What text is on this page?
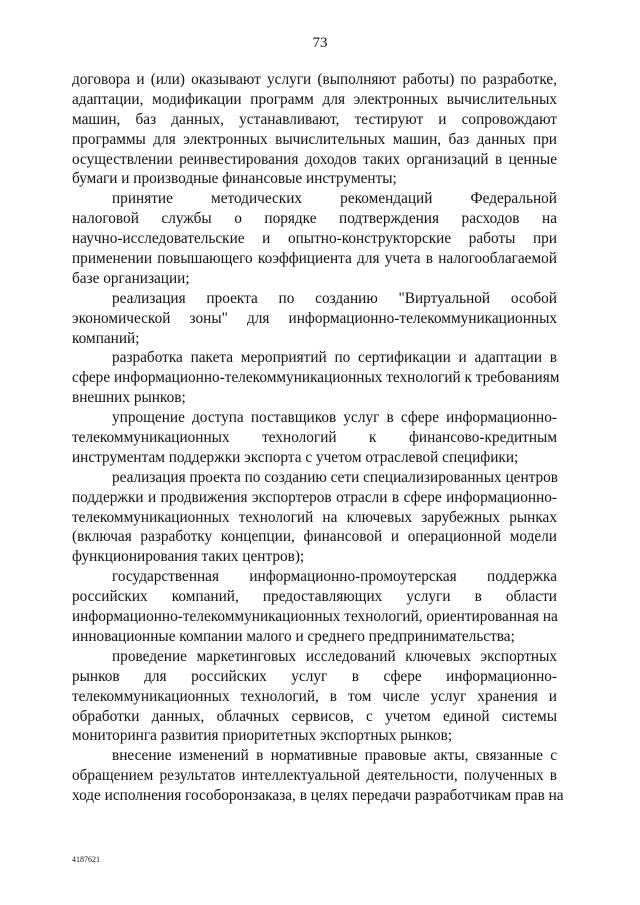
73
договора и (или) оказывают услуги (выполняют работы) по разработке,
адаптации, модификации программ для электронных вычислительных
машин, баз данных, устанавливают, тестируют и сопровождают
программы для электронных вычислительных машин, баз данных при
осуществлении реинвестирования доходов таких организаций в ценные
бумаги и производные финансовые инструменты;
принятие методических рекомендаций Федеральной
налоговой службы о порядке подтверждения расходов на
научно-исследовательские и опытно-конструкторские работы при
применении повышающего коэффициента для учета в налогооблагаемой
базе организации;
реализация проекта по созданию "Виртуальной особой
экономической зоны" для информационно-телекоммуникационных
компаний;
разработка пакета мероприятий по сертификации и адаптации в
сфере информационно-телекоммуникационных технологий к требованиям
внешних рынков;
упрощение доступа поставщиков услуг в сфере информационно-
телекоммуникационных технологий к финансово-кредитным
инструментам поддержки экспорта с учетом отраслевой специфики;
реализация проекта по созданию сети специализированных центров
поддержки и продвижения экспортеров отрасли в сфере информационно-
телекоммуникационных технологий на ключевых зарубежных рынках
(включая разработку концепции, финансовой и операционной модели
функционирования таких центров);
государственная информационно-промоутерская поддержка
российских компаний, предоставляющих услуги в области
информационно-телекоммуникационных технологий, ориентированная на
инновационные компании малого и среднего предпринимательства;
проведение маркетинговых исследований ключевых экспортных
рынков для российских услуг в сфере информационно-
телекоммуникационных технологий, в том числе услуг хранения и
обработки данных, облачных сервисов, с учетом единой системы
мониторинга развития приоритетных экспортных рынков;
внесение изменений в нормативные правовые акты, связанные с
обращением результатов интеллектуальной деятельности, полученных в
ходе исполнения гособоронзаказа, в целях передачи разработчикам прав на
4187621
